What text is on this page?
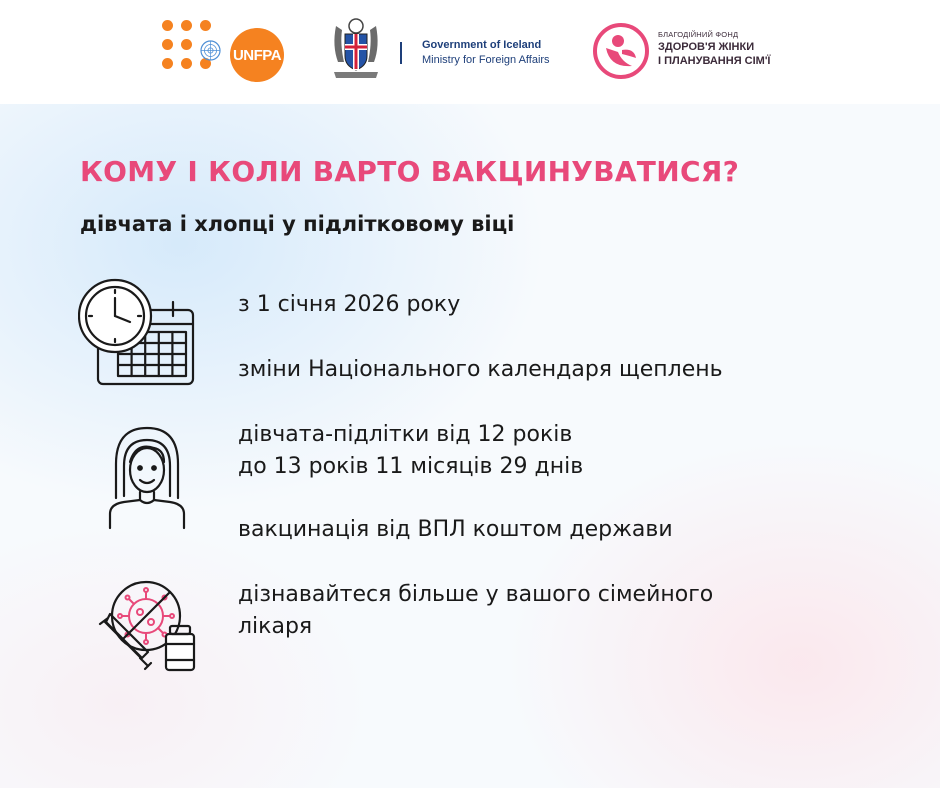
UNFPA
Government of Iceland
Ministry for Foreign Affairs
БЛАГОДІЙНИЙ ФОНД
ЗДОРОВ'Я ЖІНКИ
І ПЛАНУВАННЯ СІМ'Ї
КОМУ І КОЛИ ВАРТО ВАКЦИНУВАТИСЯ?
дівчата і хлопці у підлітковому віці
з 1 січня 2026 року
зміни Національного календаря щеплень
дівчата-підлітки від 12 років
до 13 років 11 місяців 29 днів
вакцинація від ВПЛ коштом держави
дізнавайтеся більше у вашого сімейного
лікаря
